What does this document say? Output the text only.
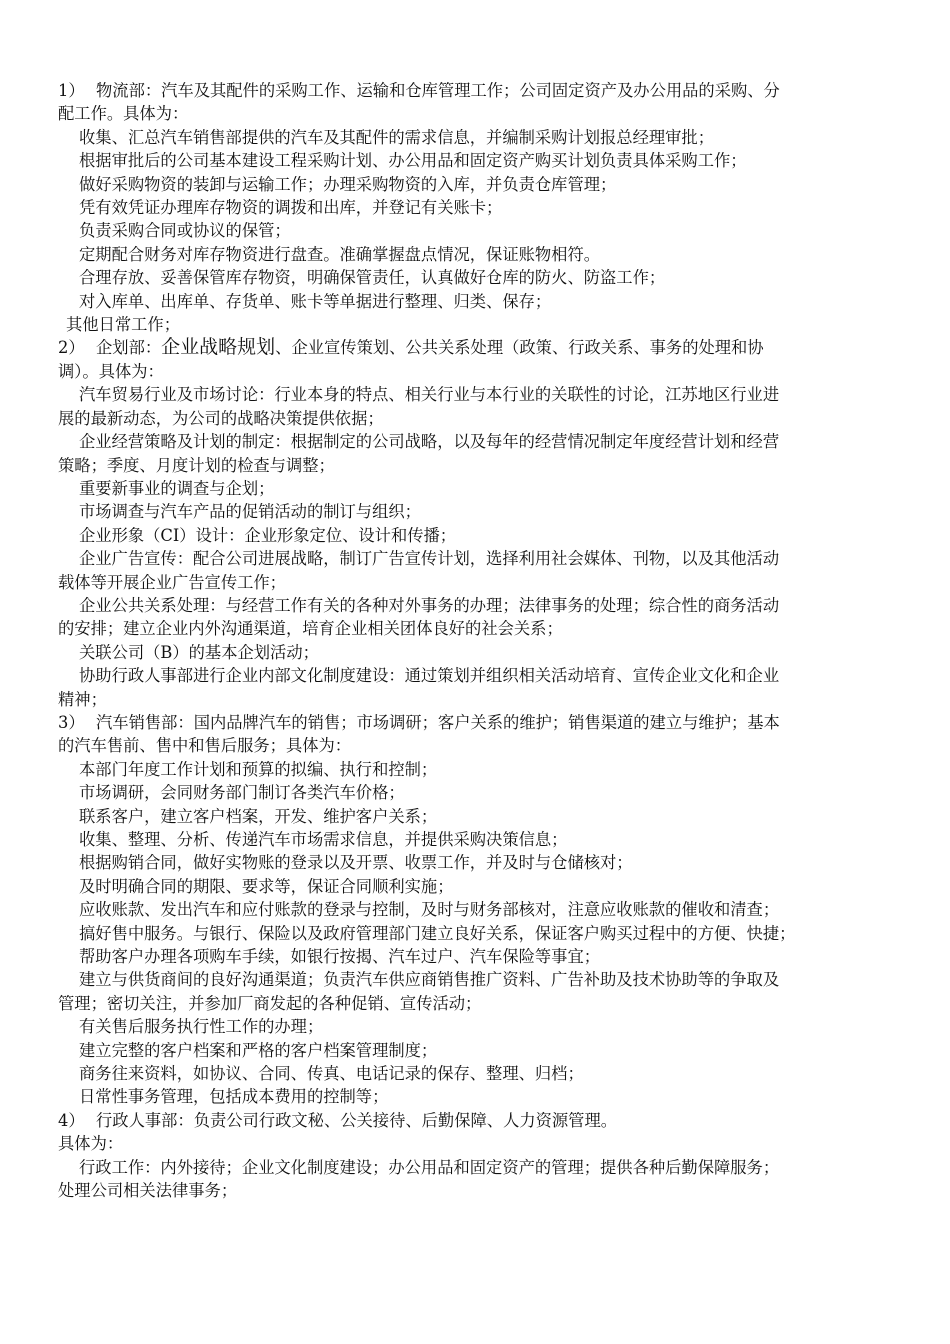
1） 物流部：汽车及其配件的采购工作、运输和仓库管理工作；公司固定资产及办公用品的采购、分
配工作。具体为：
收集、汇总汽车销售部提供的汽车及其配件的需求信息，并编制采购计划报总经理审批；
根据审批后的公司基本建设工程采购计划、办公用品和固定资产购买计划负责具体采购工作；
做好采购物资的装卸与运输工作；办理采购物资的入库，并负责仓库管理；
凭有效凭证办理库存物资的调拨和出库，并登记有关账卡；
负责采购合同或协议的保管；
定期配合财务对库存物资进行盘查。准确掌握盘点情况，保证账物相符。
合理存放、妥善保管库存物资，明确保管责任，认真做好仓库的防火、防盗工作；
对入库单、出库单、存货单、账卡等单据进行整理、归类、保存；
其他日常工作；
2） 企划部：企业战略规划、企业宣传策划、公共关系处理（政策、行政关系、事务的处理和协
调）。具体为：
汽车贸易行业及市场讨论：行业本身的特点、相关行业与本行业的关联性的讨论，江苏地区行业进
展的最新动态，为公司的战略决策提供依据；
企业经营策略及计划的制定：根据制定的公司战略，以及每年的经营情况制定年度经营计划和经营
策略；季度、月度计划的检查与调整；
重要新事业的调查与企划；
市场调查与汽车产品的促销活动的制订与组织；
企业形象（CI）设计：企业形象定位、设计和传播；
企业广告宣传：配合公司进展战略，制订广告宣传计划，选择利用社会媒体、刊物，以及其他活动
载体等开展企业广告宣传工作；
企业公共关系处理：与经营工作有关的各种对外事务的办理；法律事务的处理；综合性的商务活动
的安排；建立企业内外沟通渠道，培育企业相关团体良好的社会关系；
关联公司（B）的基本企划活动；
协助行政人事部进行企业内部文化制度建设：通过策划并组织相关活动培育、宣传企业文化和企业
精神；
3） 汽车销售部：国内品牌汽车的销售；市场调研；客户关系的维护；销售渠道的建立与维护；基本
的汽车售前、售中和售后服务；具体为：
本部门年度工作计划和预算的拟编、执行和控制；
市场调研，会同财务部门制订各类汽车价格；
联系客户，建立客户档案，开发、维护客户关系；
收集、整理、分析、传递汽车市场需求信息，并提供采购决策信息；
根据购销合同，做好实物账的登录以及开票、收票工作，并及时与仓储核对；
及时明确合同的期限、要求等，保证合同顺利实施；
应收账款、发出汽车和应付账款的登录与控制，及时与财务部核对，注意应收账款的催收和清查；
搞好售中服务。与银行、保险以及政府管理部门建立良好关系，保证客户购买过程中的方便、快捷；
帮助客户办理各项购车手续，如银行按揭、汽车过户、汽车保险等事宜；
建立与供货商间的良好沟通渠道；负责汽车供应商销售推广资料、广告补助及技术协助等的争取及
管理；密切关注，并参加厂商发起的各种促销、宣传活动；
有关售后服务执行性工作的办理；
建立完整的客户档案和严格的客户档案管理制度；
商务往来资料，如协议、合同、传真、电话记录的保存、整理、归档；
日常性事务管理，包括成本费用的控制等；
4） 行政人事部：负责公司行政文秘、公关接待、后勤保障、人力资源管理。
具体为：
行政工作：内外接待；企业文化制度建设；办公用品和固定资产的管理；提供各种后勤保障服务；
处理公司相关法律事务；
